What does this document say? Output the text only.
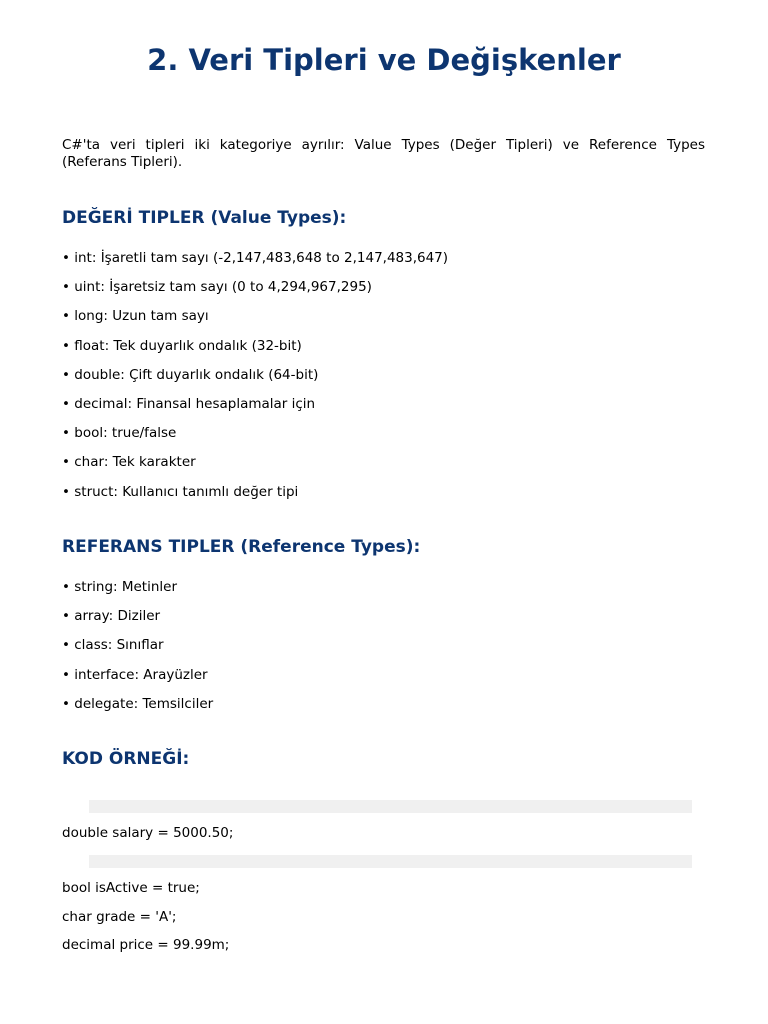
2. Veri Tipleri ve Değişkenler

C#'ta veri tipleri iki kategoriye ayrılır: Value Types (Değer Tipleri) ve Reference Types (Referans Tipleri).

DEĞERİ TIPLER (Value Types):
• int: İşaretli tam sayı (-2,147,483,648 to 2,147,483,647)
• uint: İşaretsiz tam sayı (0 to 4,294,967,295)
• long: Uzun tam sayı
• float: Tek duyarlık ondalık (32-bit)
• double: Çift duyarlık ondalık (64-bit)
• decimal: Finansal hesaplamalar için
• bool: true/false
• char: Tek karakter
• struct: Kullanıcı tanımlı değer tipi
REFERANS TIPLER (Reference Types):
• string: Metinler
• array: Diziler
• class: Sınıflar
• interface: Arayüzler
• delegate: Temsilciler
KOD ÖRNEĞİ:

double salary = 5000.50;

bool isActive = true;

char grade = 'A';

decimal price = 99.99m;
